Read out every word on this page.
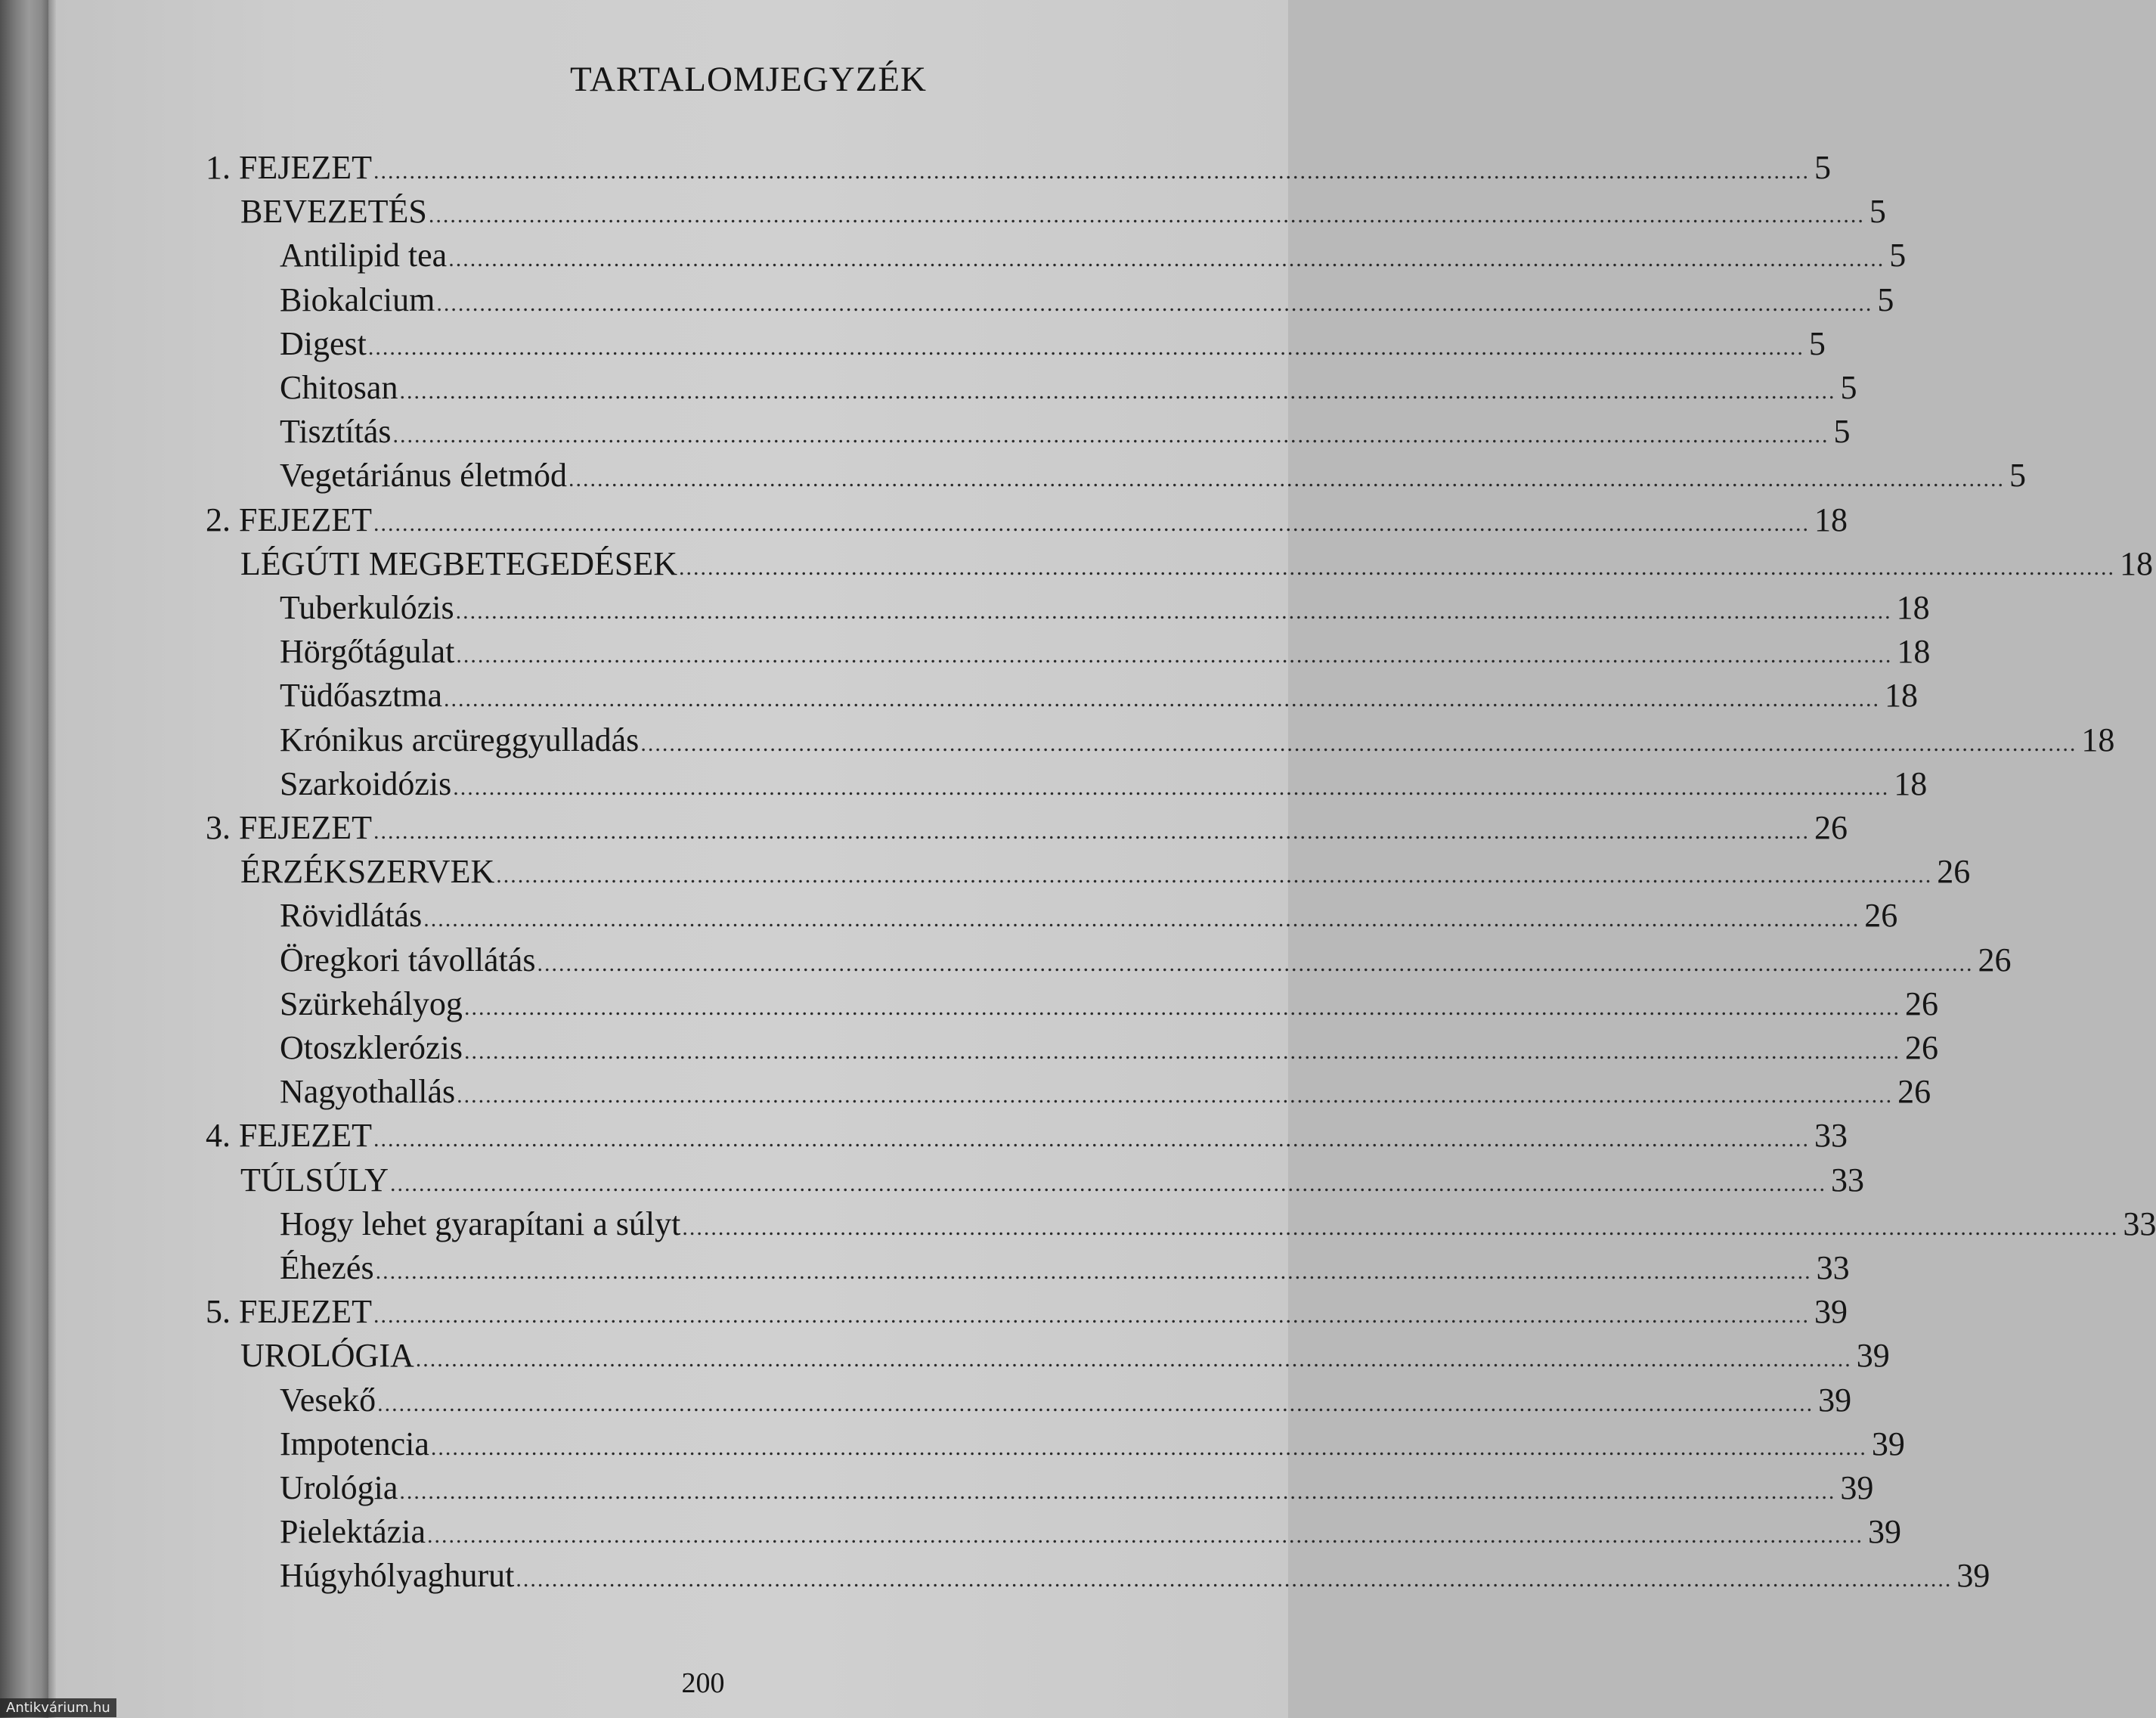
TARTALOMJEGYZÉK
1. FEJEZET ........................................................................................................................................................................................................ 5
BEVEZETÉS ........................................................................................................................................................................................................ 5
Antilipid tea ........................................................................................................................................................................................................ 5
Biokalcium ........................................................................................................................................................................................................ 5
Digest ........................................................................................................................................................................................................ 5
Chitosan ........................................................................................................................................................................................................ 5
Tisztítás ........................................................................................................................................................................................................ 5
Vegetáriánus életmód ........................................................................................................................................................................................................ 5
2. FEJEZET ........................................................................................................................................................................................................ 18
LÉGÚTI MEGBETEGEDÉSEK ........................................................................................................................................................................................................ 18
Tuberkulózis ........................................................................................................................................................................................................ 18
Hörgőtágulat ........................................................................................................................................................................................................ 18
Tüdőasztma ........................................................................................................................................................................................................ 18
Krónikus arcüreggyulladás ........................................................................................................................................................................................................ 18
Szarkoidózis ........................................................................................................................................................................................................ 18
3. FEJEZET ........................................................................................................................................................................................................ 26
ÉRZÉKSZERVEK ........................................................................................................................................................................................................ 26
Rövidlátás ........................................................................................................................................................................................................ 26
Öregkori távollátás ........................................................................................................................................................................................................ 26
Szürkehályog ........................................................................................................................................................................................................ 26
Otoszklerózis ........................................................................................................................................................................................................ 26
Nagyothallás ........................................................................................................................................................................................................ 26
4. FEJEZET ........................................................................................................................................................................................................ 33
TÚLSÚLY ........................................................................................................................................................................................................ 33
Hogy lehet gyarapítani a súlyt ........................................................................................................................................................................................................ 33
Éhezés ........................................................................................................................................................................................................ 33
5. FEJEZET ........................................................................................................................................................................................................ 39
UROLÓGIA ........................................................................................................................................................................................................ 39
Vesekő ........................................................................................................................................................................................................ 39
Impotencia ........................................................................................................................................................................................................ 39
Urológia ........................................................................................................................................................................................................ 39
Pielektázia ........................................................................................................................................................................................................ 39
Húgyhólyaghurut ........................................................................................................................................................................................................ 39
200
Antikvárium.hu
